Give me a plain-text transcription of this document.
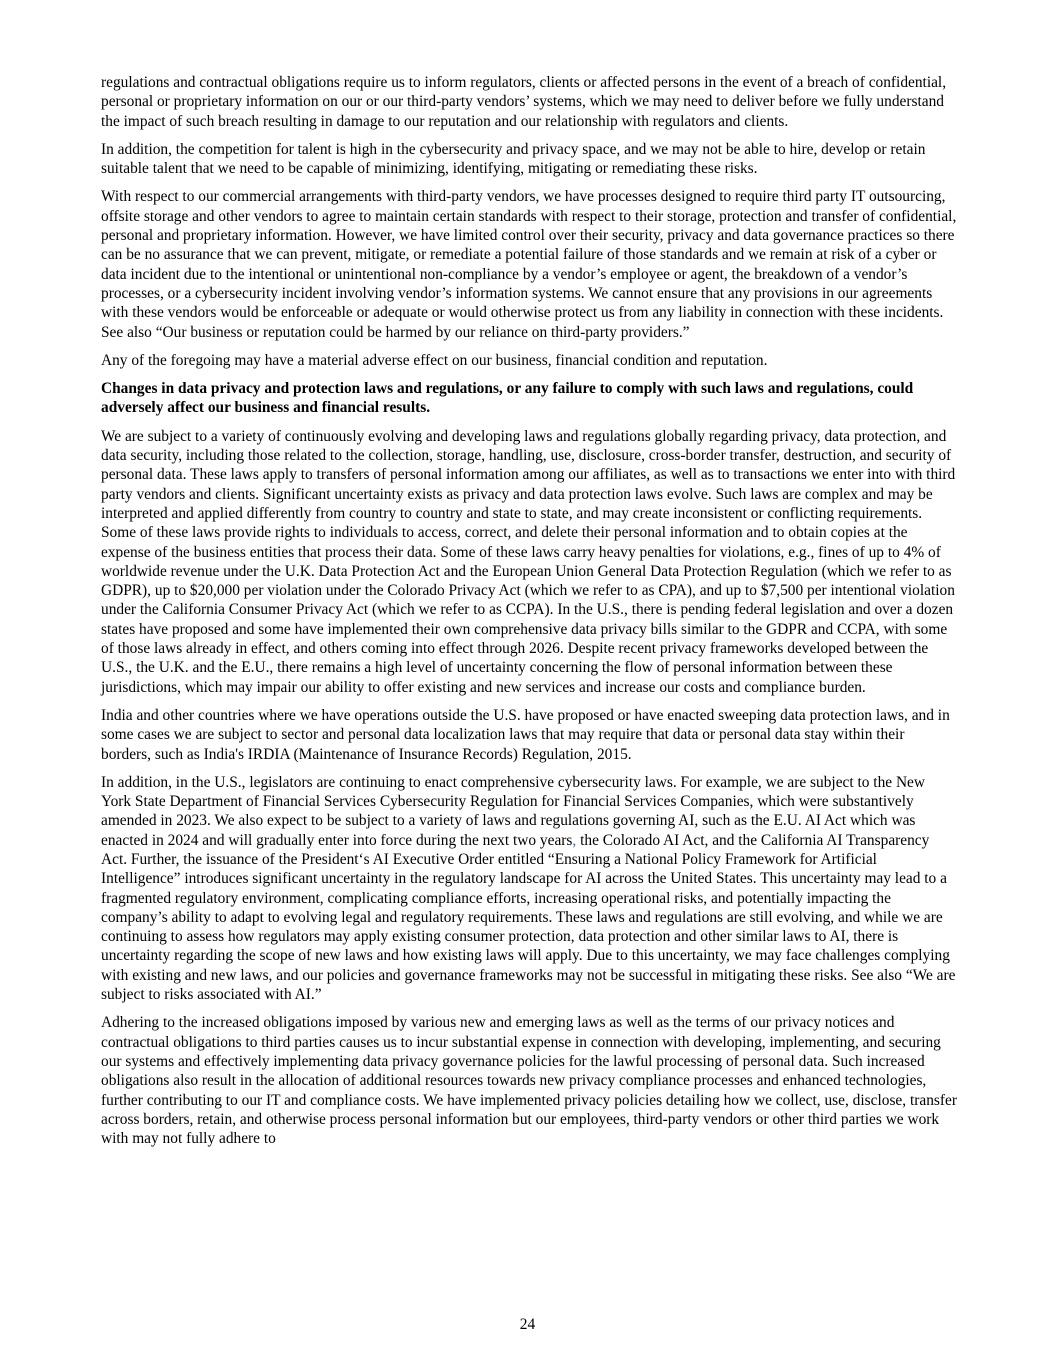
regulations and contractual obligations require us to inform regulators, clients or affected persons in the event of a breach of confidential, personal or proprietary information on our or our third-party vendors’ systems, which we may need to deliver before we fully understand the impact of such breach resulting in damage to our reputation and our relationship with regulators and clients.

In addition, the competition for talent is high in the cybersecurity and privacy space, and we may not be able to hire, develop or retain suitable talent that we need to be capable of minimizing, identifying, mitigating or remediating these risks.

With respect to our commercial arrangements with third-party vendors, we have processes designed to require third party IT outsourcing, offsite storage and other vendors to agree to maintain certain standards with respect to their storage, protection and transfer of confidential, personal and proprietary information. However, we have limited control over their security, privacy and data governance practices so there can be no assurance that we can prevent, mitigate, or remediate a potential failure of those standards and we remain at risk of a cyber or data incident due to the intentional or unintentional non-compliance by a vendor’s employee or agent, the breakdown of a vendor’s processes, or a cybersecurity incident involving vendor’s information systems. We cannot ensure that any provisions in our agreements with these vendors would be enforceable or adequate or would otherwise protect us from any liability in connection with these incidents. See also “Our business or reputation could be harmed by our reliance on third-party providers.”

Any of the foregoing may have a material adverse effect on our business, financial condition and reputation.

Changes in data privacy and protection laws and regulations, or any failure to comply with such laws and regulations, could adversely affect our business and financial results.

We are subject to a variety of continuously evolving and developing laws and regulations globally regarding privacy, data protection, and data security, including those related to the collection, storage, handling, use, disclosure, cross-border transfer, destruction, and security of personal data. These laws apply to transfers of personal information among our affiliates, as well as to transactions we enter into with third party vendors and clients. Significant uncertainty exists as privacy and data protection laws evolve. Such laws are complex and may be interpreted and applied differently from country to country and state to state, and may create inconsistent or conflicting requirements. Some of these laws provide rights to individuals to access, correct, and delete their personal information and to obtain copies at the expense of the business entities that process their data. Some of these laws carry heavy penalties for violations, e.g., fines of up to 4% of worldwide revenue under the U.K. Data Protection Act and the European Union General Data Protection Regulation (which we refer to as GDPR), up to $20,000 per violation under the Colorado Privacy Act (which we refer to as CPA), and up to $7,500 per intentional violation under the California Consumer Privacy Act (which we refer to as CCPA). In the U.S., there is pending federal legislation and over a dozen states have proposed and some have implemented their own comprehensive data privacy bills similar to the GDPR and CCPA, with some of those laws already in effect, and others coming into effect through 2026. Despite recent privacy frameworks developed between the U.S., the U.K. and the E.U., there remains a high level of uncertainty concerning the flow of personal information between these jurisdictions, which may impair our ability to offer existing and new services and increase our costs and compliance burden.

India and other countries where we have operations outside the U.S. have proposed or have enacted sweeping data protection laws, and in some cases we are subject to sector and personal data localization laws that may require that data or personal data stay within their borders, such as India's IRDIA (Maintenance of Insurance Records) Regulation, 2015.

In addition, in the U.S., legislators are continuing to enact comprehensive cybersecurity laws. For example, we are subject to the New York State Department of Financial Services Cybersecurity Regulation for Financial Services Companies, which were substantively amended in 2023. We also expect to be subject to a variety of laws and regulations governing AI, such as the E.U. AI Act which was enacted in 2024 and will gradually enter into force during the next two years, the Colorado AI Act, and the California AI Transparency Act. Further, the issuance of the President‘s AI Executive Order entitled “Ensuring a National Policy Framework for Artificial Intelligence” introduces significant uncertainty in the regulatory landscape for AI across the United States. This uncertainty may lead to a fragmented regulatory environment, complicating compliance efforts, increasing operational risks, and potentially impacting the company’s ability to adapt to evolving legal and regulatory requirements. These laws and regulations are still evolving, and while we are continuing to assess how regulators may apply existing consumer protection, data protection and other similar laws to AI, there is uncertainty regarding the scope of new laws and how existing laws will apply. Due to this uncertainty, we may face challenges complying with existing and new laws, and our policies and governance frameworks may not be successful in mitigating these risks. See also “We are subject to risks associated with AI.”

Adhering to the increased obligations imposed by various new and emerging laws as well as the terms of our privacy notices and contractual obligations to third parties causes us to incur substantial expense in connection with developing, implementing, and securing our systems and effectively implementing data privacy governance policies for the lawful processing of personal data. Such increased obligations also result in the allocation of additional resources towards new privacy compliance processes and enhanced technologies, further contributing to our IT and compliance costs. We have implemented privacy policies detailing how we collect, use, disclose, transfer across borders, retain, and otherwise process personal information but our employees, third-party vendors or other third parties we work with may not fully adhere to

24
